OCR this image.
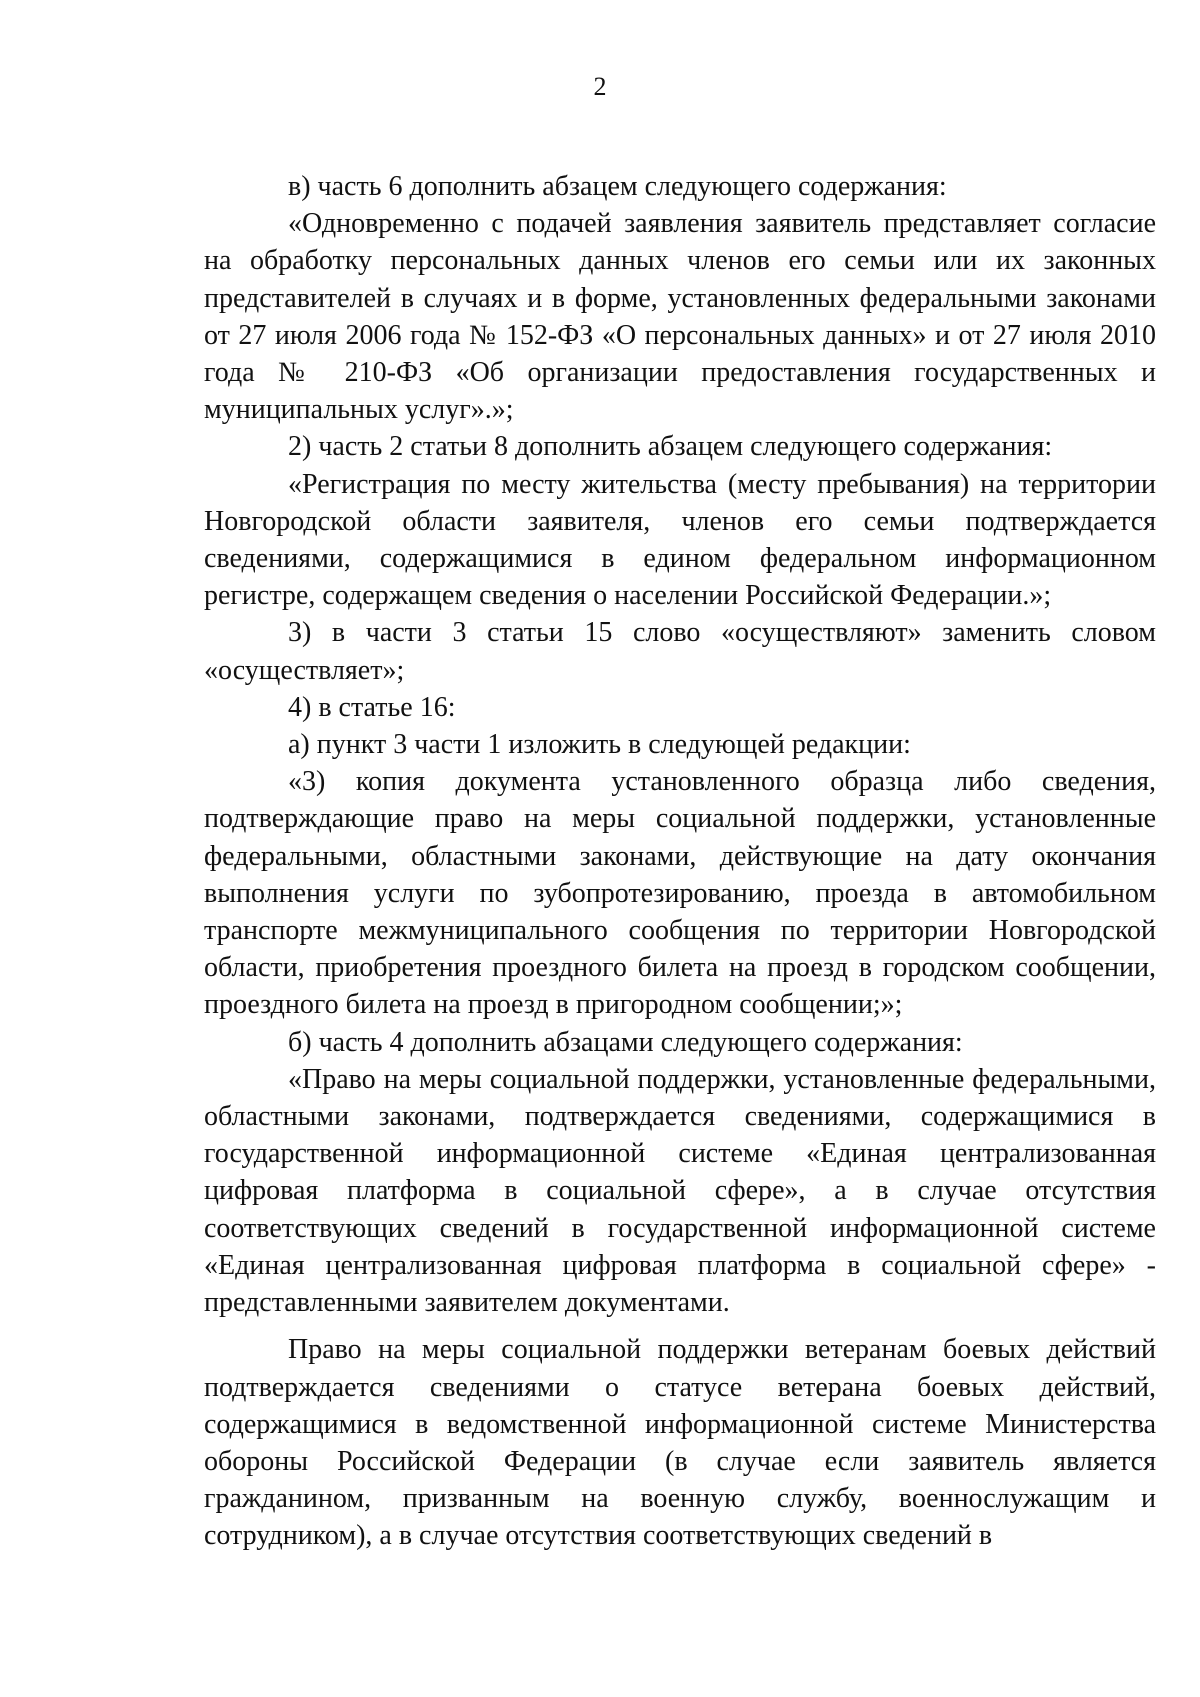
2

в) часть 6 дополнить абзацем следующего содержания:

«Одновременно с подачей заявления заявитель представляет согласие на обработку персональных данных членов его семьи или их законных представителей в случаях и в форме, установленных федеральными законами от 27 июля 2006 года № 152-ФЗ «О персональных данных» и от 27 июля 2010 года № 210-ФЗ «Об организации предоставления государственных и муниципальных услуг».»;

2) часть 2 статьи 8 дополнить абзацем следующего содержания:

«Регистрация по месту жительства (месту пребывания) на территории Новгородской области заявителя, членов его семьи подтверждается сведениями, содержащимися в едином федеральном информационном регистре, содержащем сведения о населении Российской Федерации.»;

3) в части 3 статьи 15 слово «осуществляют» заменить словом «осуществляет»;

4) в статье 16:

а) пункт 3 части 1 изложить в следующей редакции:

«3) копия документа установленного образца либо сведения, подтверждающие право на меры социальной поддержки, установленные федеральными, областными законами, действующие на дату окончания выполнения услуги по зубопротезированию, проезда в автомобильном транспорте межмуниципального сообщения по территории Новгородской области, приобретения проездного билета на проезд в городском сообщении, проездного билета на проезд в пригородном сообщении;»;

б) часть 4 дополнить абзацами следующего содержания:

«Право на меры социальной поддержки, установленные федеральными, областными законами, подтверждается сведениями, содержащимися в государственной информационной системе «Единая централизованная цифровая платформа в социальной сфере», а в случае отсутствия соответствующих сведений в государственной информационной системе «Единая централизованная цифровая платформа в социальной сфере» - представленными заявителем документами.

Право на меры социальной поддержки ветеранам боевых действий подтверждается сведениями о статусе ветерана боевых действий, содержащимися в ведомственной информационной системе Министерства обороны Российской Федерации (в случае если заявитель является гражданином, призванным на военную службу, военнослужащим и сотрудником), а в случае отсутствия соответствующих сведений в
